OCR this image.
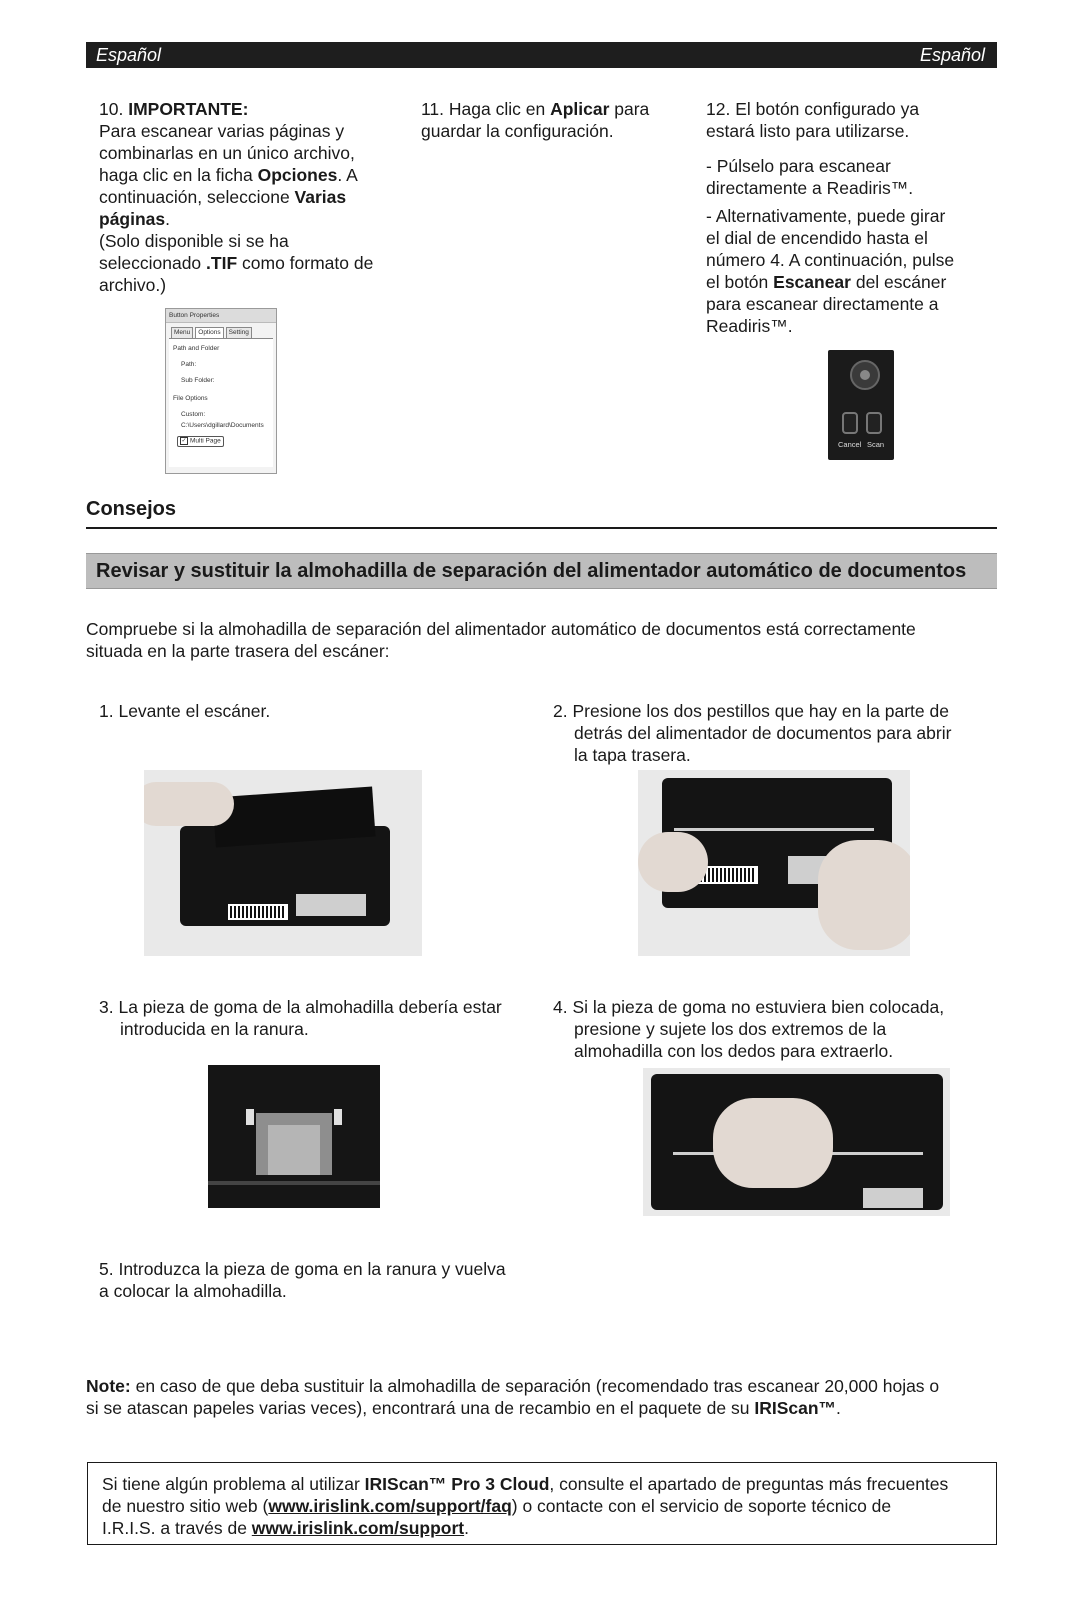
Español	Español
10. IMPORTANTE:
Para escanear varias páginas y
combinarlas en un único archivo,
haga clic en la ficha Opciones. A
continuación, seleccione Varias
páginas.
(Solo disponible si se ha
seleccionado .TIF como formato de
archivo.)
Button Properties
Menu	Options	Setting
Path and Folder
Path:
Sub Folder:
File Options
Custom:
C:\Users\dgillard\Documents
✓ Multi Page
11. Haga clic en Aplicar para
guardar la configuración.
12. El botón configurado ya
estará listo para utilizarse.
- Púlselo para escanear
directamente a Readiris™.
- Alternativamente, puede girar
el dial de encendido hasta el
número 4. A continuación, pulse
el botón Escanear del escáner
para escanear directamente a
Readiris™.
Cancel Scan
Consejos
Revisar y sustituir la almohadilla de separación del alimentador automático de documentos
Compruebe si la almohadilla de separación del alimentador automático de documentos está correctamente
situada en la parte trasera del escáner:
1. Levante el escáner.	2. Presione los dos pestillos que hay en la parte de
detrás del alimentador de documentos para abrir
la tapa trasera.
3. La pieza de goma de la almohadilla debería estar
introducida en la ranura.
4. Si la pieza de goma no estuviera bien colocada,
presione y sujete los dos extremos de la
almohadilla con los dedos para extraerlo.
5. Introduzca la pieza de goma en la ranura y vuelva
a colocar la almohadilla.
Note: en caso de que deba sustituir la almohadilla de separación (recomendado tras escanear 20,000 hojas o
si se atascan papeles varias veces), encontrará una de recambio en el paquete de su IRIScan™.
Si tiene algún problema al utilizar IRIScan™ Pro 3 Cloud, consulte el apartado de preguntas más frecuentes
de nuestro sitio web (www.irislink.com/support/faq) o contacte con el servicio de soporte técnico de
I.R.I.S. a través de www.irislink.com/support.
